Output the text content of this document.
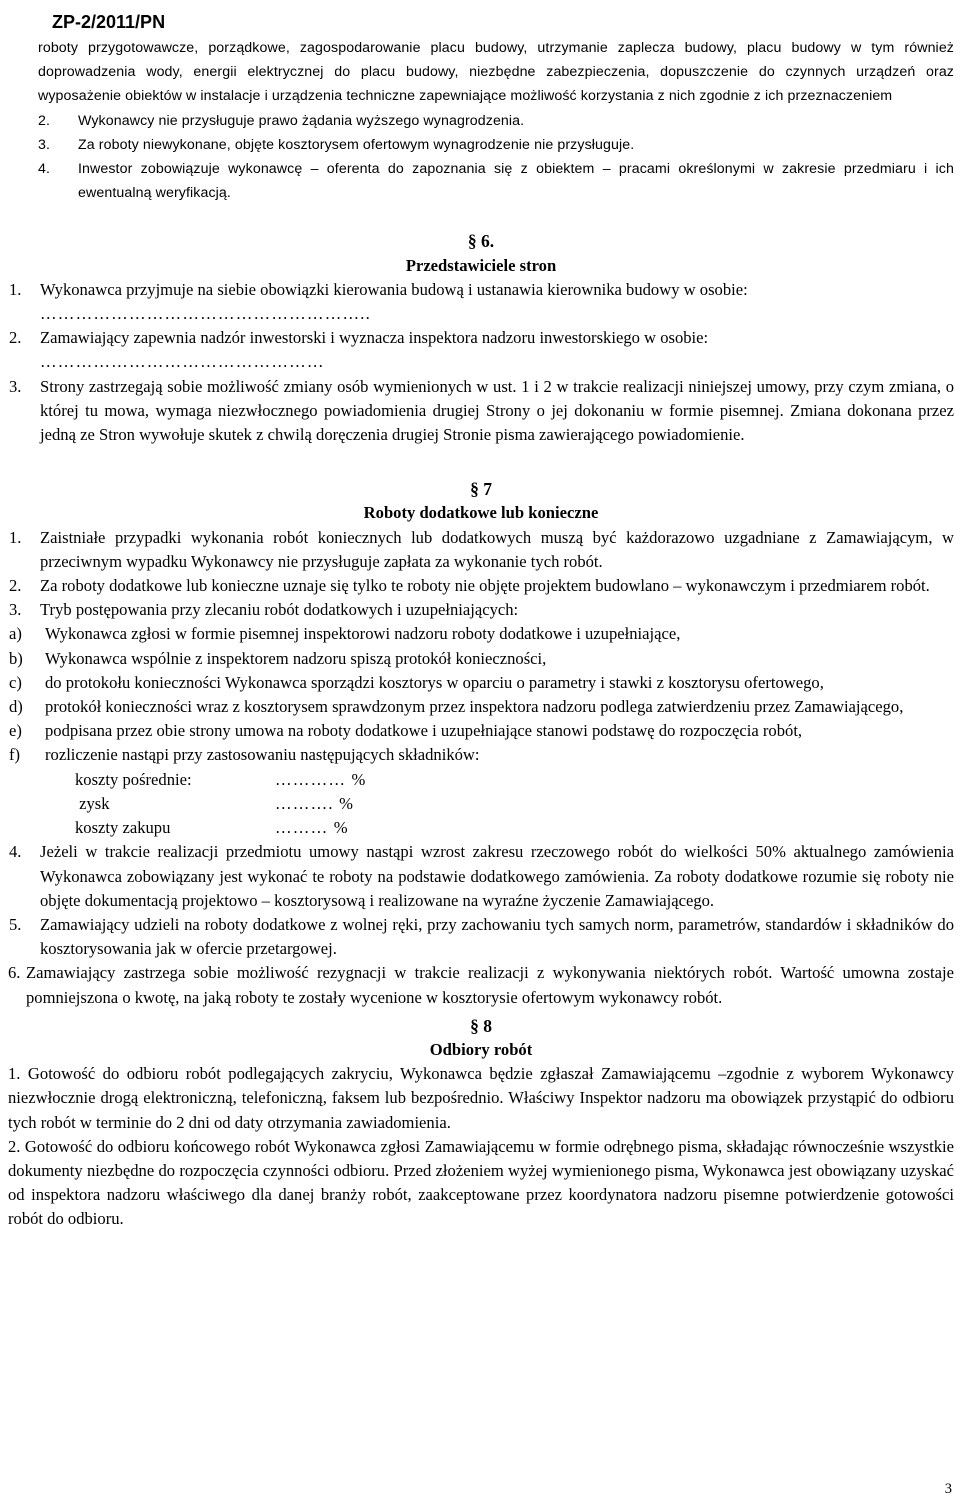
ZP-2/2011/PN

roboty przygotowawcze, porządkowe, zagospodarowanie placu budowy, utrzymanie zaplecza budowy, placu budowy w tym również doprowadzenia wody, energii elektrycznej do placu budowy, niezbędne zabezpieczenia, dopuszczenie do czynnych urządzeń oraz wyposażenie obiektów w instalacje i urządzenia techniczne zapewniające możliwość korzystania z nich zgodnie z ich przeznaczeniem

2.	Wykonawcy nie przysługuje prawo żądania wyższego wynagrodzenia.
3.	Za roboty niewykonane, objęte kosztorysem ofertowym wynagrodzenie nie przysługuje.
4.	Inwestor zobowiązuje wykonawcę – oferenta do zapoznania się z obiektem – pracami określonymi w zakresie przedmiaru i ich ewentualną weryfikacją.

§ 6.

Przedstawiciele stron

1.	Wykonawca przyjmuje na siebie obowiązki kierowania budową i ustanawia kierownika budowy w osobie:
………………………………………………..
2.	Zamawiający zapewnia nadzór inwestorski i wyznacza inspektora nadzoru inwestorskiego w osobie:
…………………………………………
3.	Strony zastrzegają sobie możliwość zmiany osób wymienionych w ust. 1 i 2 w trakcie realizacji niniejszej umowy, przy czym zmiana, o której tu mowa, wymaga niezwłocznego powiadomienia drugiej Strony o jej dokonaniu w formie pisemnej. Zmiana dokonana przez jedną ze Stron wywołuje skutek z chwilą doręczenia drugiej Stronie pisma zawierającego powiadomienie.

§ 7

Roboty dodatkowe lub konieczne

1.	Zaistniałe przypadki wykonania robót koniecznych lub dodatkowych muszą być każdorazowo uzgadniane z Zamawiającym, w przeciwnym wypadku Wykonawcy nie przysługuje zapłata za wykonanie tych robót.
2.	Za roboty dodatkowe lub konieczne uznaje się tylko te roboty nie objęte projektem budowlano – wykonawczym i przedmiarem robót.
3.	Tryb postępowania przy zlecaniu robót dodatkowych i uzupełniających:
a)	Wykonawca zgłosi w formie pisemnej inspektorowi nadzoru roboty dodatkowe i uzupełniające,
b)	Wykonawca wspólnie z inspektorem nadzoru spiszą protokół konieczności,
c)	do protokołu konieczności Wykonawca sporządzi kosztorys w oparciu o parametry i stawki z kosztorysu ofertowego,
d)	protokół konieczności wraz z kosztorysem sprawdzonym przez inspektora nadzoru podlega zatwierdzeniu przez Zamawiającego,
e)	podpisana przez obie strony umowa na roboty dodatkowe i uzupełniające stanowi podstawę do rozpoczęcia robót,
f)	rozliczenie nastąpi przy zastosowaniu następujących składników:
koszty pośrednie:	………… %
zysk	………. %
koszty zakupu	……… %
4.	Jeżeli w trakcie realizacji przedmiotu umowy nastąpi wzrost zakresu rzeczowego robót do wielkości 50% aktualnego zamówienia Wykonawca zobowiązany jest wykonać te roboty na podstawie dodatkowego zamówienia. Za roboty dodatkowe rozumie się roboty nie objęte dokumentacją projektowo – kosztorysową i realizowane na wyraźne życzenie Zamawiającego.
5.	Zamawiający udzieli na roboty dodatkowe z wolnej ręki, przy zachowaniu tych samych norm, parametrów, standardów i składników do kosztorysowania jak w ofercie przetargowej.
6. Zamawiający zastrzega sobie możliwość rezygnacji w trakcie realizacji z wykonywania niektórych robót. Wartość umowna zostaje pomniejszona o kwotę, na jaką roboty te zostały wycenione w kosztorysie ofertowym wykonawcy robót.

§ 8

Odbiory robót

1. Gotowość do odbioru robót podlegających zakryciu, Wykonawca będzie zgłaszał Zamawiającemu –zgodnie z wyborem Wykonawcy niezwłocznie drogą elektroniczną, telefoniczną, faksem lub bezpośrednio. Właściwy Inspektor nadzoru ma obowiązek przystąpić do odbioru tych robót w terminie do 2 dni od daty otrzymania zawiadomienia.

2. Gotowość do odbioru końcowego robót Wykonawca zgłosi Zamawiającemu w formie odrębnego pisma, składając równocześnie wszystkie dokumenty niezbędne do rozpoczęcia czynności odbioru. Przed złożeniem wyżej wymienionego pisma, Wykonawca jest obowiązany uzyskać od inspektora nadzoru właściwego dla danej branży robót, zaakceptowane przez koordynatora nadzoru pisemne potwierdzenie gotowości robót do odbioru.

3
